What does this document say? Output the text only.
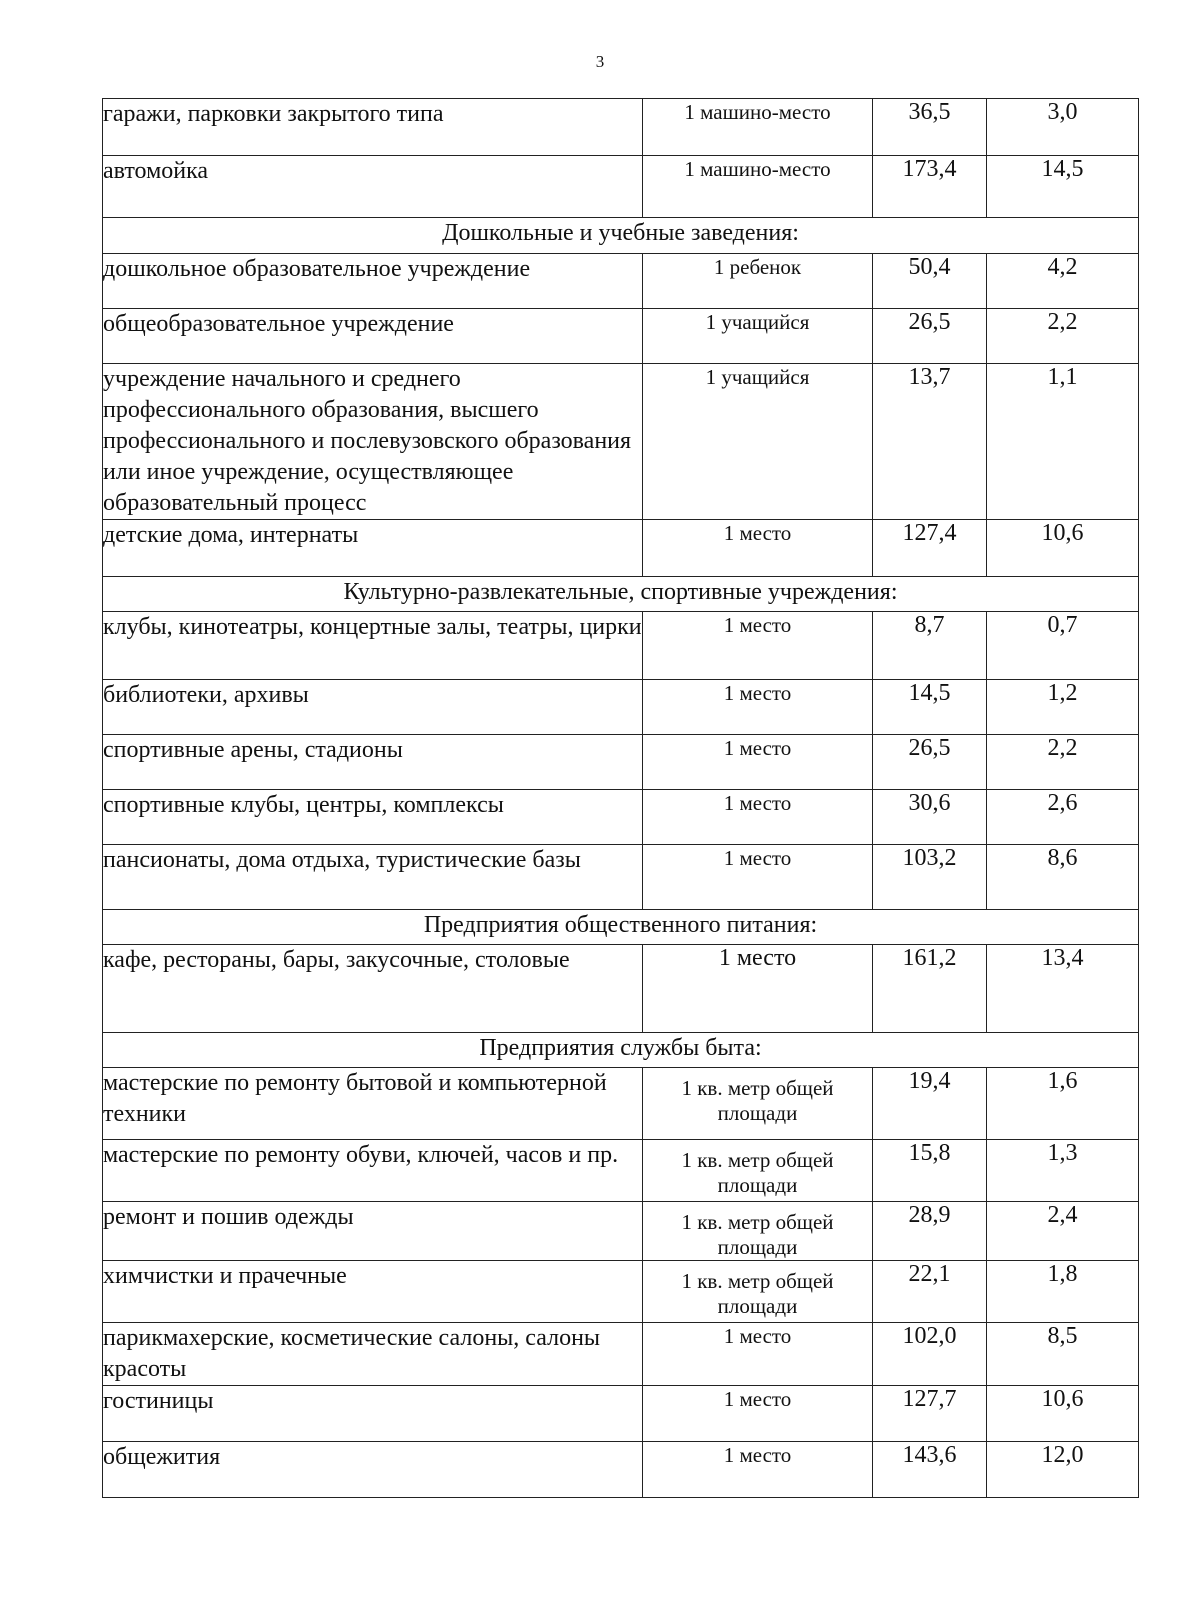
3
гаражи, парковки закрытого типа	1 машино-место	36,5	3,0
автомойка	1 машино-место	173,4	14,5
Дошкольные и учебные заведения:			
дошкольное образовательное учреждение	1 ребенок	50,4	4,2
общеобразовательное учреждение	1 учащийся	26,5	2,2
учреждение начального и среднего профессионального образования, высшего профессионального и послевузовского образования или иное учреждение, осуществляющее образовательный процесс	1 учащийся	13,7	1,1
детские дома, интернаты	1 место	127,4	10,6
Культурно-развлекательные, спортивные учреждения:			
клубы, кинотеатры, концертные залы, театры, цирки	1 место	8,7	0,7
библиотеки, архивы	1 место	14,5	1,2
спортивные арены, стадионы	1 место	26,5	2,2
спортивные клубы, центры, комплексы	1 место	30,6	2,6
пансионаты, дома отдыха, туристические базы	1 место	103,2	8,6
Предприятия общественного питания:			
кафе, рестораны, бары, закусочные, столовые	1 место	161,2	13,4
Предприятия службы быта:			
мастерские по ремонту бытовой и компьютерной техники	1 кв. метр общей площади	19,4	1,6
мастерские по ремонту обуви, ключей, часов и пр.	1 кв. метр общей площади	15,8	1,3
ремонт и пошив одежды	1 кв. метр общей площади	28,9	2,4
химчистки и прачечные	1 кв. метр общей площади	22,1	1,8
парикмахерские, косметические салоны, салоны красоты	1 место	102,0	8,5
гостиницы	1 место	127,7	10,6
общежития	1 место	143,6	12,0
